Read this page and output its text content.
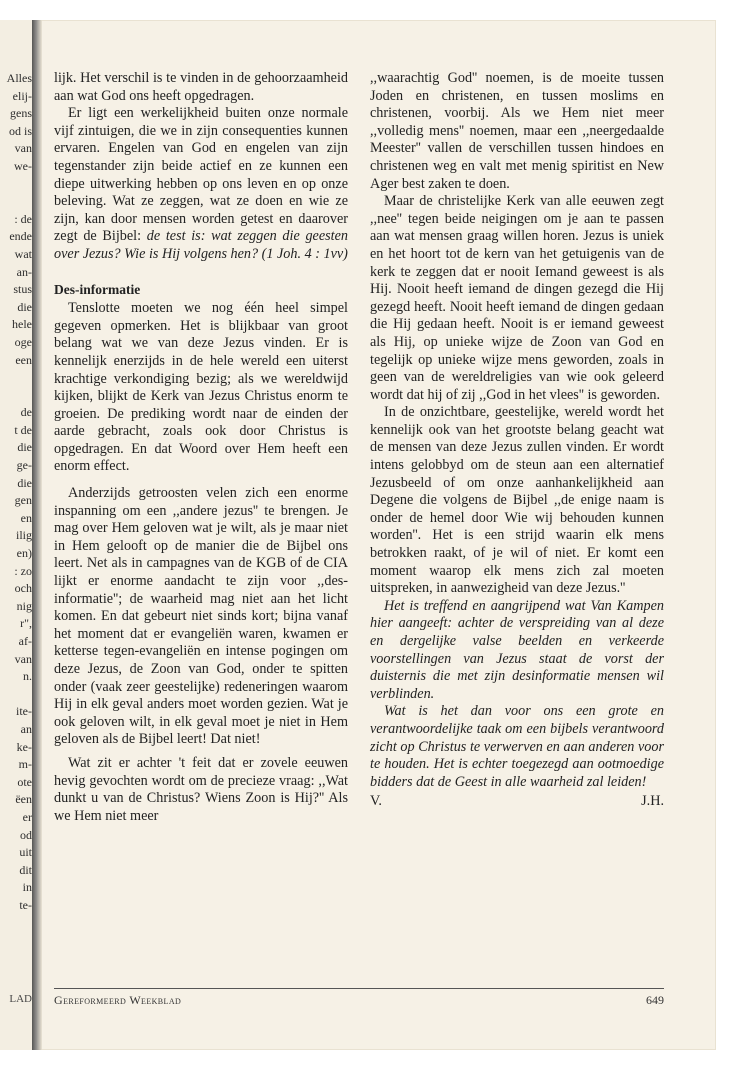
Alles
elij-
gens
od is
van
we-
: de
ende
wat
an-
stus
die
hele
oge
een
de
t de
die
ge-
die
gen
en
ilig
en)
: zo
och
nig
r",
af-
van
n.
ite-
an
ke-
m-
ote
ëen
er
od
uit
dit
in
te-

lijk. Het verschil is te vinden in de gehoorzaamheid aan wat God ons heeft opgedragen.

Er ligt een werkelijkheid buiten onze normale vijf zintuigen, die we in zijn consequenties kunnen ervaren. Engelen van God en engelen van zijn tegenstander zijn beide actief en ze kunnen een diepe uitwerking hebben op ons leven en op onze beleving. Wat ze zeggen, wat ze doen en wie ze zijn, kan door mensen worden getest en daarover zegt de Bijbel: de test is: wat zeggen die geesten over Jezus? Wie is Hij volgens hen? (1 Joh. 4 : 1vv)

Des-informatie

Tenslotte moeten we nog één heel simpel gegeven opmerken. Het is blijkbaar van groot belang wat we van deze Jezus vinden. Er is kennelijk enerzijds in de hele wereld een uiterst krachtige verkondiging bezig; als we wereldwijd kijken, blijkt de Kerk van Jezus Christus enorm te groeien. De prediking wordt naar de einden der aarde gebracht, zoals ook door Christus is opgedragen. En dat Woord over Hem heeft een enorm effect.

Anderzijds getroosten velen zich een enorme inspanning om een ,,andere jezus'' te brengen. Je mag over Hem geloven wat je wilt, als je maar niet in Hem gelooft op de manier die de Bijbel ons leert. Net als in campagnes van de KGB of de CIA lijkt er enorme aandacht te zijn voor ,,des-informatie''; de waarheid mag niet aan het licht komen. En dat gebeurt niet sinds kort; bijna vanaf het moment dat er evangeliën waren, kwamen er ketterse tegen-evangeliën en intense pogingen om deze Jezus, de Zoon van God, onder te spitten onder (vaak zeer geestelijke) redeneringen waarom Hij in elk geval anders moet worden gezien. Wat je ook geloven wilt, in elk geval moet je niet in Hem geloven als de Bijbel leert! Dat niet!

Wat zit er achter 't feit dat er zovele eeuwen hevig gevochten wordt om de precieze vraag: ,,Wat dunkt u van de Christus? Wiens Zoon is Hij?'' Als we Hem niet meer

,,waarachtig God'' noemen, is de moeite tussen Joden en christenen, en tussen moslims en christenen, voorbij. Als we Hem niet meer ,,volledig mens'' noemen, maar een ,,neergedaalde Meester'' vallen de verschillen tussen hindoes en christenen weg en valt met menig spiritist en New Ager best zaken te doen.

Maar de christelijke Kerk van alle eeuwen zegt ,,nee'' tegen beide neigingen om je aan te passen aan wat mensen graag willen horen. Jezus is uniek en het hoort tot de kern van het getuigenis van de kerk te zeggen dat er nooit Iemand geweest is als Hij. Nooit heeft iemand de dingen gezegd die Hij gezegd heeft. Nooit heeft iemand de dingen gedaan die Hij gedaan heeft. Nooit is er iemand geweest als Hij, op unieke wijze de Zoon van God en tegelijk op unieke wijze mens geworden, zoals in geen van de wereldreligies van wie ook geleerd wordt dat hij of zij ,,God in het vlees'' is geworden.

In de onzichtbare, geestelijke, wereld wordt het kennelijk ook van het grootste belang geacht wat de mensen van deze Jezus zullen vinden. Er wordt intens gelobbyd om de steun aan een alternatief Jezusbeeld of om onze aanhankelijkheid aan Degene die volgens de Bijbel ,,de enige naam is onder de hemel door Wie wij behouden kunnen worden''. Het is een strijd waarin elk mens betrokken raakt, of je wil of niet. Er komt een moment waarop elk mens zich zal moeten uitspreken, in aanwezigheid van deze Jezus.''

Het is treffend en aangrijpend wat Van Kampen hier aangeeft: achter de verspreiding van al deze en dergelijke valse beelden en verkeerde voorstellingen van Jezus staat de vorst der duisternis die met zijn desinformatie mensen wil verblinden.

Wat is het dan voor ons een grote en verantwoordelijke taak om een bijbels verantwoord zicht op Christus te verwerven en aan anderen voor te houden. Het is echter toegezegd aan ootmoedige bidders dat de Geest in alle waarheid zal leiden!

V.	J.H.
LAD Gereformeerd Weekblad	649
